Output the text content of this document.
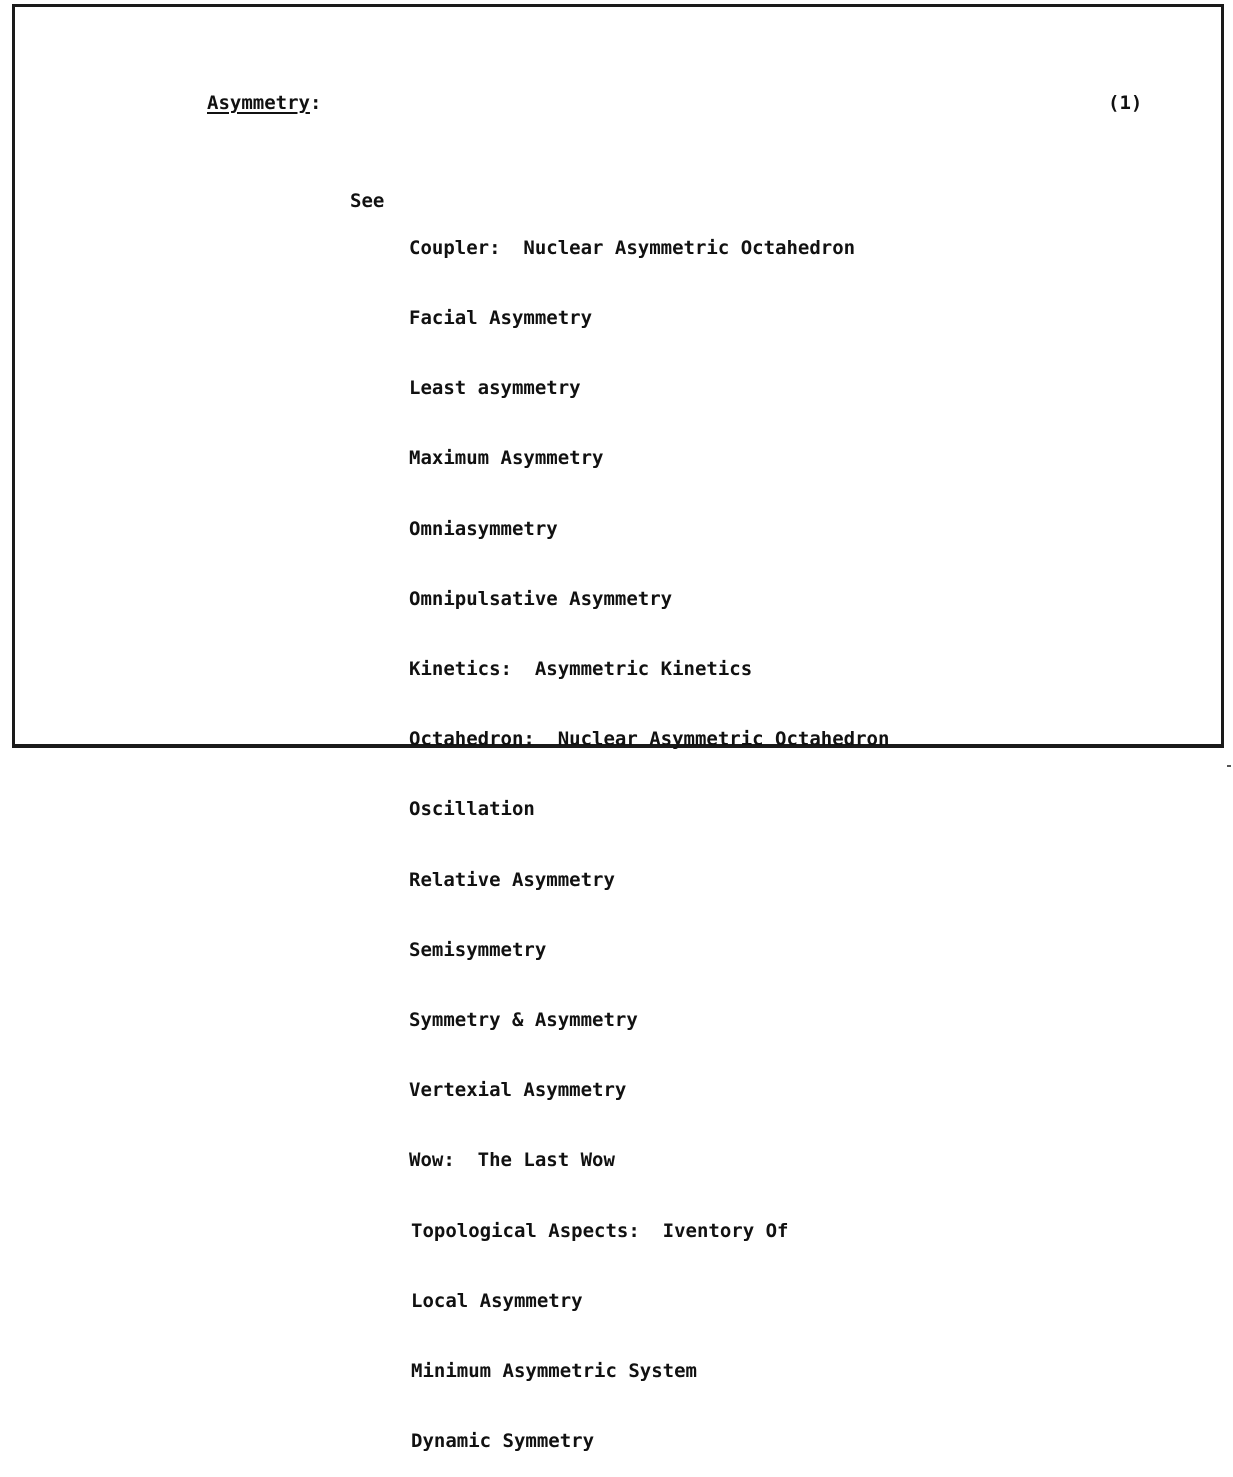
Asymmetry:	(1)
See

Coupler:  Nuclear Asymmetric Octahedron

Facial Asymmetry

Least asymmetry

Maximum Asymmetry

Omniasymmetry

Omnipulsative Asymmetry

Kinetics:  Asymmetric Kinetics

Octahedron:  Nuclear Asymmetric Octahedron

Oscillation

Relative Asymmetry

Semisymmetry

Symmetry & Asymmetry

Vertexial Asymmetry

Wow:  The Last Wow

Topological Aspects:  Iventory Of

Local Asymmetry

Minimum Asymmetric System

Dynamic Symmetry
